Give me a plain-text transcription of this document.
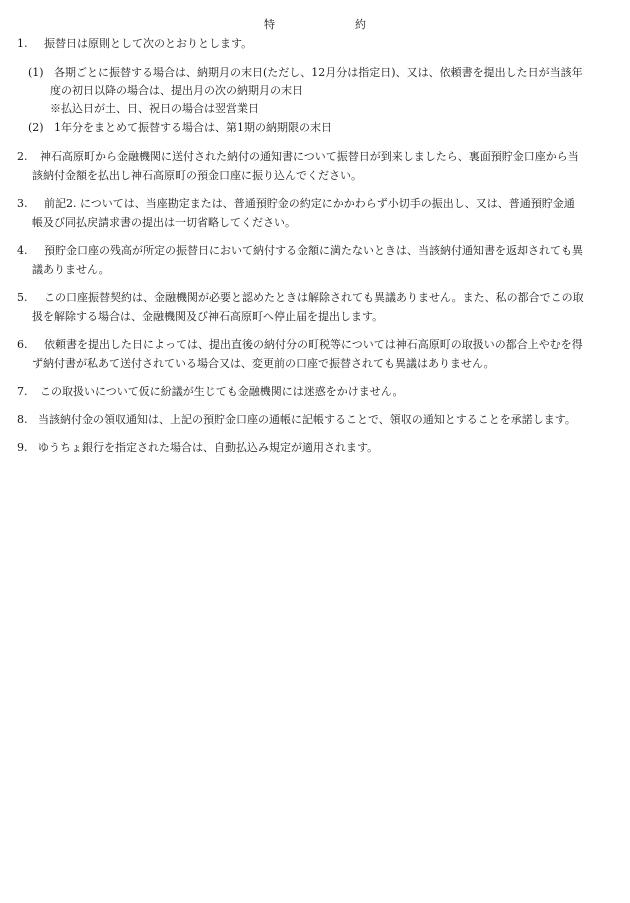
特	約
1. 振替日は原則として次のとおりとします。
(1) 各期ごとに振替する場合は、納期月の末日(ただし、12月分は指定日)、又は、依頼書を提出した日が当該年
度の初日以降の場合は、提出月の次の納期月の末日
※払込日が土、日、祝日の場合は翌営業日
(2) 1年分をまとめて振替する場合は、第1期の納期限の末日
2. 神石高原町から金融機関に送付された納付の通知書について振替日が到来しましたら、裏面預貯金口座から当
該納付金額を払出し神石高原町の預金口座に振り込んでください。
3. 前記2. については、当座勘定または、普通預貯金の約定にかかわらず小切手の振出し、又は、普通預貯金通
帳及び同払戻請求書の提出は一切省略してください。
4. 預貯金口座の残高が所定の振替日において納付する金額に満たないときは、当該納付通知書を返却されても異
議ありません。
5. この口座振替契約は、金融機関が必要と認めたときは解除されても異議ありません。また、私の都合でこの取
扱を解除する場合は、金融機関及び神石高原町へ停止届を提出します。
6. 依頼書を提出した日によっては、提出直後の納付分の町税等については神石高原町の取扱いの都合上やむを得
ず納付書が私あて送付されている場合又は、変更前の口座で振替されても異議はありません。
7. この取扱いについて仮に紛議が生じても金融機関には迷惑をかけません。
8. 当該納付金の領収通知は、上記の預貯金口座の通帳に記帳することで、領収の通知とすることを承諾します。
9. ゆうちょ銀行を指定された場合は、自動払込み規定が適用されます。
